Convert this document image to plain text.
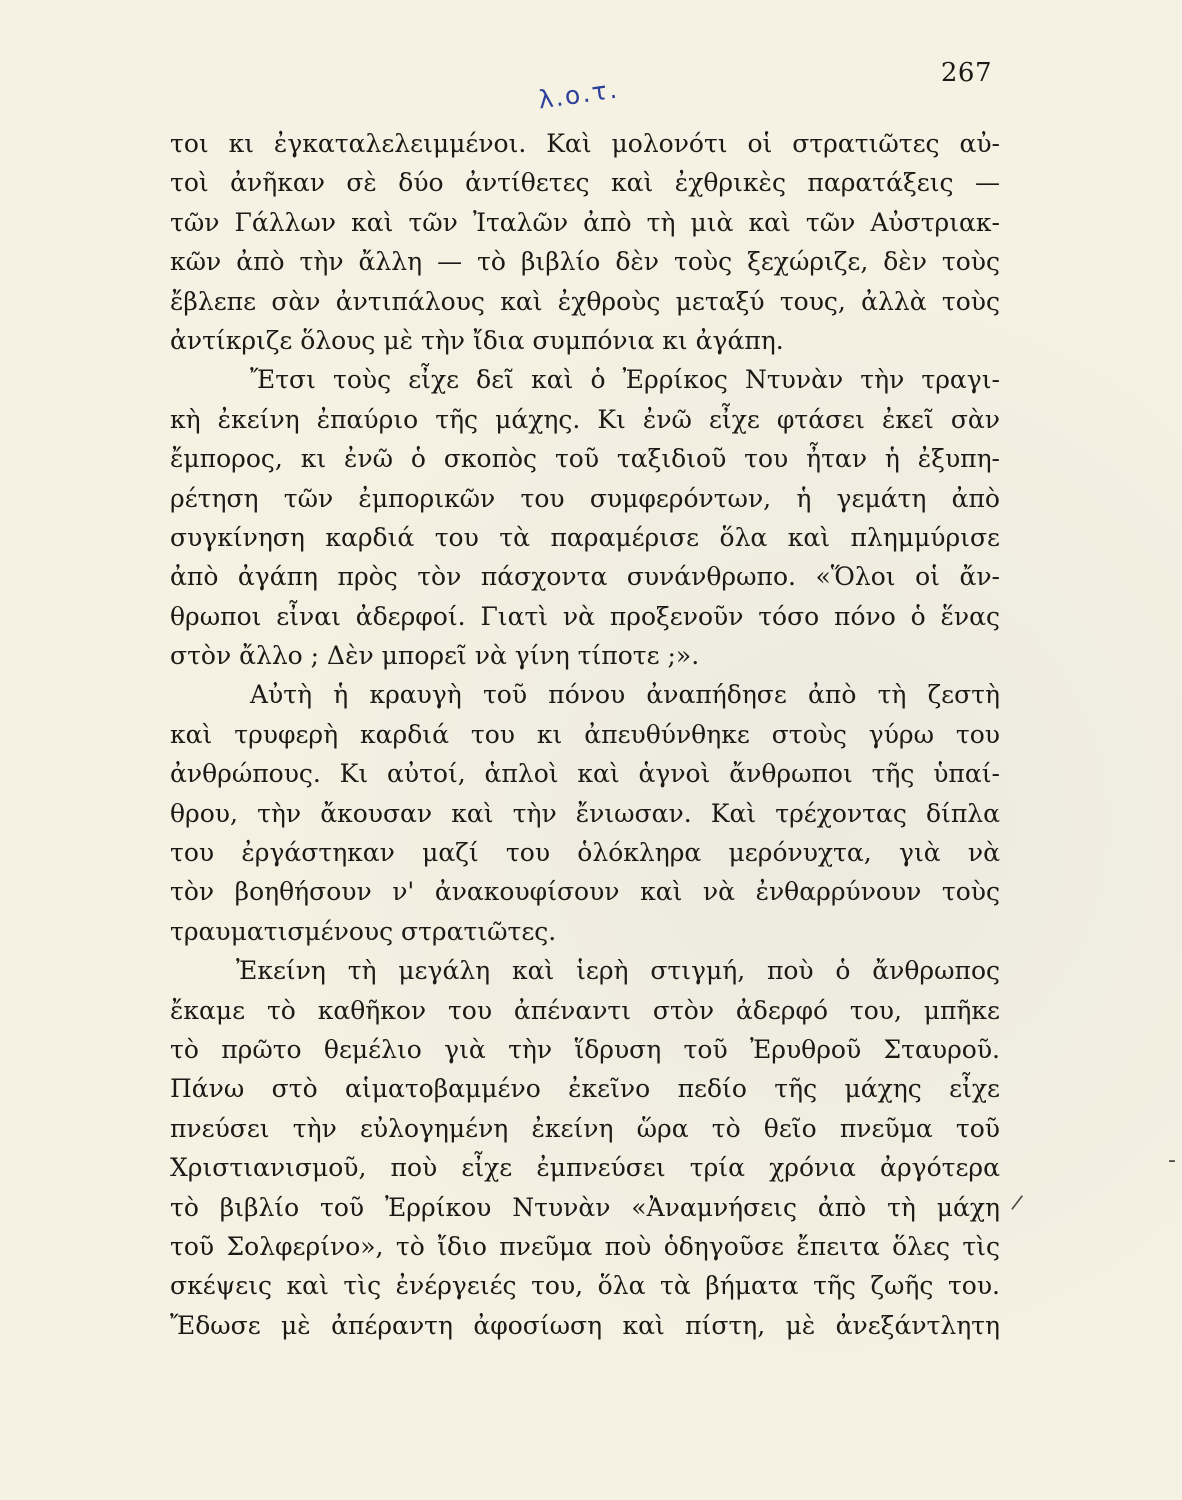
267
λ.ο.τ.
-
/
τοι κι ἐγκαταλελειμμένοι. Καὶ μολονότι οἱ στρατιῶτες αὐ-
τοὶ ἀνῆκαν σὲ δύο ἀντίθετες καὶ ἐχθρικὲς παρατάξεις —
τῶν Γάλλων καὶ τῶν Ἰταλῶν ἀπὸ τὴ μιὰ καὶ τῶν Αὐστριακ-
κῶν ἀπὸ τὴν ἄλλη — τὸ βιβλίο δὲν τοὺς ξεχώριζε, δὲν τοὺς
ἔβλεπε σὰν ἀντιπάλους καὶ ἐχθροὺς μεταξύ τους, ἀλλὰ τοὺς
ἀντίκριζε ὅλους μὲ τὴν ἴδια συμπόνια κι ἀγάπη.
Ἔτσι τοὺς εἶχε δεῖ καὶ ὁ Ἐρρίκος Ντυνὰν τὴν τραγι-
κὴ ἐκείνη ἐπαύριο τῆς μάχης. Κι ἐνῶ εἶχε φτάσει ἐκεῖ σὰν
ἔμπορος, κι ἐνῶ ὁ σκοπὸς τοῦ ταξιδιοῦ του ἦταν ἡ ἐξυπη-
ρέτηση τῶν ἐμπορικῶν του συμφερόντων, ἡ γεμάτη ἀπὸ
συγκίνηση καρδιά του τὰ παραμέρισε ὅλα καὶ πλημμύρισε
ἀπὸ ἀγάπη πρὸς τὸν πάσχοντα συνάνθρωπο. «Ὅλοι οἱ ἄν-
θρωποι εἶναι ἀδερφοί. Γιατὶ νὰ προξενοῦν τόσο πόνο ὁ ἕνας
στὸν ἄλλο ; Δὲν μπορεῖ νὰ γίνη τίποτε ;».
Αὐτὴ ἡ κραυγὴ τοῦ πόνου ἀναπήδησε ἀπὸ τὴ ζεστὴ
καὶ τρυφερὴ καρδιά του κι ἀπευθύνθηκε στοὺς γύρω του
ἀνθρώπους. Κι αὐτοί, ἁπλοὶ καὶ ἁγνοὶ ἄνθρωποι τῆς ὑπαί-
θρου, τὴν ἄκουσαν καὶ τὴν ἔνιωσαν. Καὶ τρέχοντας δίπλα
του ἐργάστηκαν μαζί του ὁλόκληρα μερόνυχτα, γιὰ νὰ
τὸν βοηθήσουν ν' ἀνακουφίσουν καὶ νὰ ἐνθαρρύνουν τοὺς
τραυματισμένους στρατιῶτες.
Ἐκείνη τὴ μεγάλη καὶ ἱερὴ στιγμή, ποὺ ὁ ἄνθρωπος
ἔκαμε τὸ καθῆκον του ἀπέναντι στὸν ἀδερφό του, μπῆκε
τὸ πρῶτο θεμέλιο γιὰ τὴν ἵδρυση τοῦ Ἐρυθροῦ Σταυροῦ.
Πάνω στὸ αἱματοβαμμένο ἐκεῖνο πεδίο τῆς μάχης εἶχε
πνεύσει τὴν εὐλογημένη ἐκείνη ὥρα τὸ θεῖο πνεῦμα τοῦ
Χριστιανισμοῦ, ποὺ εἶχε ἐμπνεύσει τρία χρόνια ἀργότερα
τὸ βιβλίο τοῦ Ἐρρίκου Ντυνὰν «Ἀναμνήσεις ἀπὸ τὴ μάχη
τοῦ Σολφερίνο», τὸ ἴδιο πνεῦμα ποὺ ὁδηγοῦσε ἔπειτα ὅλες τὶς
σκέψεις καὶ τὶς ἐνέργειές του, ὅλα τὰ βήματα τῆς ζωῆς του.
Ἔδωσε μὲ ἀπέραντη ἀφοσίωση καὶ πίστη, μὲ ἀνεξάντλητη
